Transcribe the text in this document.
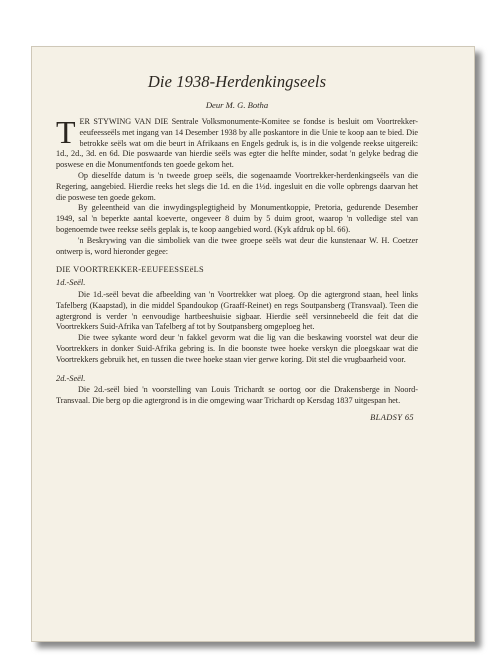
Die 1938-Herdenkingseels
Deur M. G. Botha

TER STYWING VAN DIE Sentrale Volksmonumente-Komitee se fondse is besluit om Voortrekker-eeufeesseëls met ingang van 14 Desember 1938 by alle poskantore in die Unie te koop aan te bied. Die betrokke seëls wat om die beurt in Afrikaans en Engels gedruk is, is in die volgende reekse uitgereik: 1d., 2d., 3d. en 6d. Die poswaarde van hierdie seëls was egter die helfte minder, sodat 'n gelyke bedrag die poswese en die Monumentfonds ten goede gekom het.

Op dieselfde datum is 'n tweede groep seëls, die sogenaamde Voortrekker-herdenkingseëls van die Regering, aangebied. Hierdie reeks het slegs die 1d. en die 1½d. ingesluit en die volle opbrengs daarvan het die poswese ten goede gekom.

By geleentheid van die inwydingsplegtigheid by Monumentkoppie, Pretoria, gedurende Desember 1949, sal 'n beperkte aantal koeverte, ongeveer 8 duim by 5 duim groot, waarop 'n volledige stel van bogenoemde twee reekse seëls geplak is, te koop aangebied word. (Kyk afdruk op bl. 66).

'n Beskrywing van die simboliek van die twee groepe seëls wat deur die kunstenaar W. H. Coetzer ontwerp is, word hieronder gegee:

DIE VOORTREKKER-EEUFEESSEëLS
1d.-Seël.

Die 1d.-seël bevat die afbeelding van 'n Voortrekker wat ploeg. Op die agtergrond staan, heel links Tafelberg (Kaapstad), in die middel Spandoukop (Graaff-Reinet) en regs Soutpansberg (Transvaal). Teen die agtergrond is verder 'n eenvoudige hartbeeshuisie sigbaar. Hierdie seël versinnebeeld die feit dat die Voortrekkers Suid-Afrika van Tafelberg af tot by Soutpansberg omgeploeg het.

Die twee sykante word deur 'n fakkel gevorm wat die lig van die beskawing voorstel wat deur die Voortrekkers in donker Suid-Afrika gebring is. In die boonste twee hoeke verskyn die ploegskaar wat die Voortrekkers gebruik het, en tussen die twee hoeke staan vier gerwe koring. Dit stel die vrugbaarheid voor.

2d.-Seël.

Die 2d.-seël bied 'n voorstelling van Louis Trichardt se oortog oor die Drakensberge in Noord-Transvaal. Die berg op die agtergrond is in die omgewing waar Trichardt op Kersdag 1837 uitgespan het.

BLADSY 65
